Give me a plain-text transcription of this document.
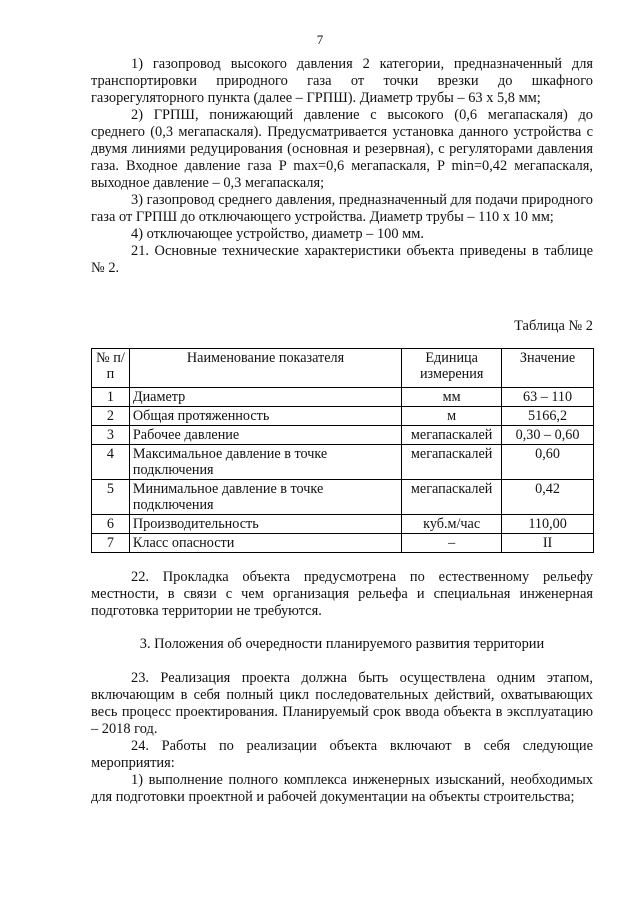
7

1) газопровод высокого давления 2 категории, предназначенный для транспортировки природного газа от точки врезки до шкафного газорегуляторного пункта (далее – ГРПШ). Диаметр трубы – 63 х 5,8 мм;

2) ГРПШ, понижающий давление с высокого (0,6 мегапаскаля) до среднего (0,3 мегапаскаля). Предусматривается установка данного устройства с двумя линиями редуцирования (основная и резервная), с регуляторами давления газа. Входное давление газа P max=0,6 мегапаскаля, P min=0,42 мегапаскаля, выходное давление – 0,3 мегапаскаля;

3) газопровод среднего давления, предназначенный для подачи природного газа от ГРПШ до отключающего устройства. Диаметр трубы – 110 х 10 мм;

4) отключающее устройство, диаметр – 100 мм.

21. Основные технические характеристики объекта приведены в таблице № 2.

Таблица № 2
№ п/п	Наименование показателя	Единица измерения	Значение
1	Диаметр	мм	63 – 110
2	Общая протяженность	м	5166,2
3	Рабочее давление	мегапаскалей	0,30 – 0,60
4	Максимальное давление в точке подключения	мегапаскалей	0,60
5	Минимальное давление в точке подключения	мегапаскалей	0,42
6	Производительность	куб.м/час	110,00
7	Класс опасности	–	II

22. Прокладка объекта предусмотрена по естественному рельефу местности, в связи с чем организация рельефа и специальная инженерная подготовка территории не требуются.

3. Положения об очередности планируемого развития территории

23. Реализация проекта должна быть осуществлена одним этапом, включающим в себя полный цикл последовательных действий, охватывающих весь процесс проектирования. Планируемый срок ввода объекта в эксплуатацию – 2018 год.

24. Работы по реализации объекта включают в себя следующие мероприятия:

1) выполнение полного комплекса инженерных изысканий, необходимых для подготовки проектной и рабочей документации на объекты строительства;
